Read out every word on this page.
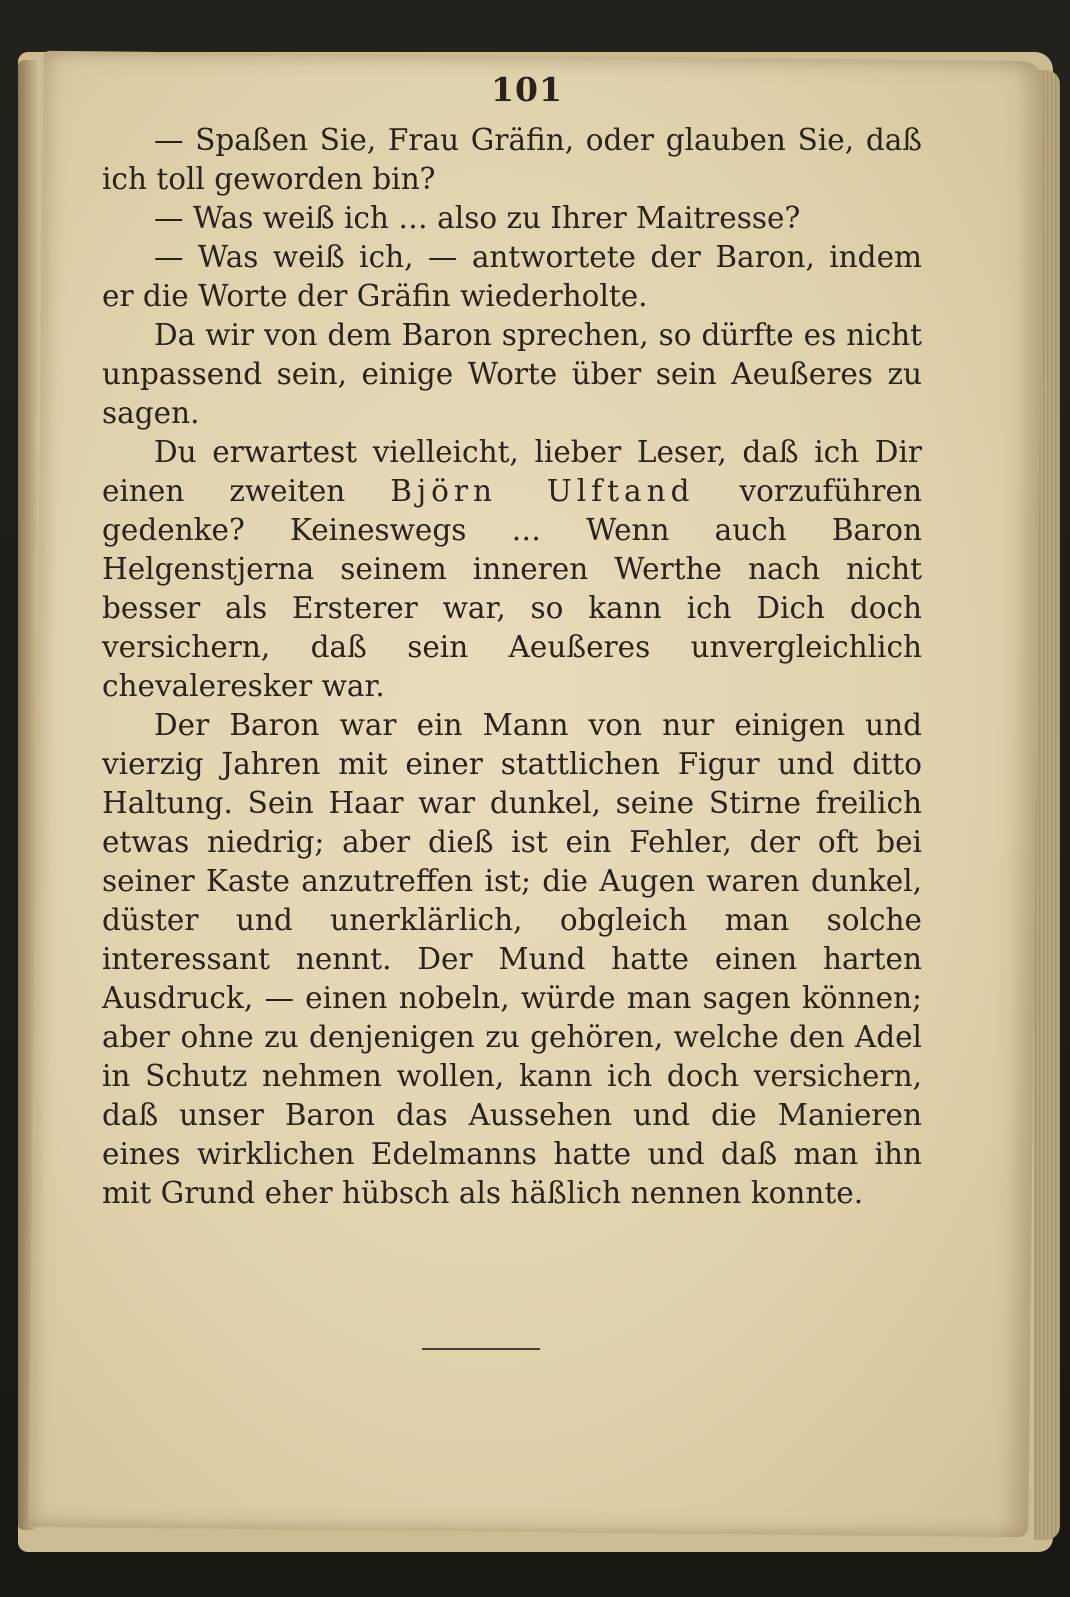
101

— Spaßen Sie, Frau Gräfin, oder glauben Sie, daß ich toll geworden bin?

— Was weiß ich … also zu Ihrer Maitresse?

— Was weiß ich, — antwortete der Baron, indem er die Worte der Gräfin wiederholte.

Da wir von dem Baron sprechen, so dürfte es nicht unpassend sein, einige Worte über sein Aeußeres zu sagen.

Du erwartest vielleicht, lieber Leser, daß ich Dir einen zweiten Björn Ulftand vorzuführen gedenke? Keineswegs … Wenn auch Baron Helgenstjerna seinem inneren Werthe nach nicht besser als Ersterer war, so kann ich Dich doch versichern, daß sein Aeußeres unvergleichlich chevaleresker war.

Der Baron war ein Mann von nur einigen und vierzig Jahren mit einer stattlichen Figur und ditto Haltung. Sein Haar war dunkel, seine Stirne freilich etwas niedrig; aber dieß ist ein Fehler, der oft bei seiner Kaste anzutreffen ist; die Augen waren dunkel, düster und unerklärlich, obgleich man solche interessant nennt. Der Mund hatte einen harten Ausdruck, — einen nobeln, würde man sagen können; aber ohne zu denjenigen zu gehören, welche den Adel in Schutz nehmen wollen, kann ich doch versichern, daß unser Baron das Aussehen und die Manieren eines wirklichen Edelmanns hatte und daß man ihn mit Grund eher hübsch als häßlich nennen konnte.
